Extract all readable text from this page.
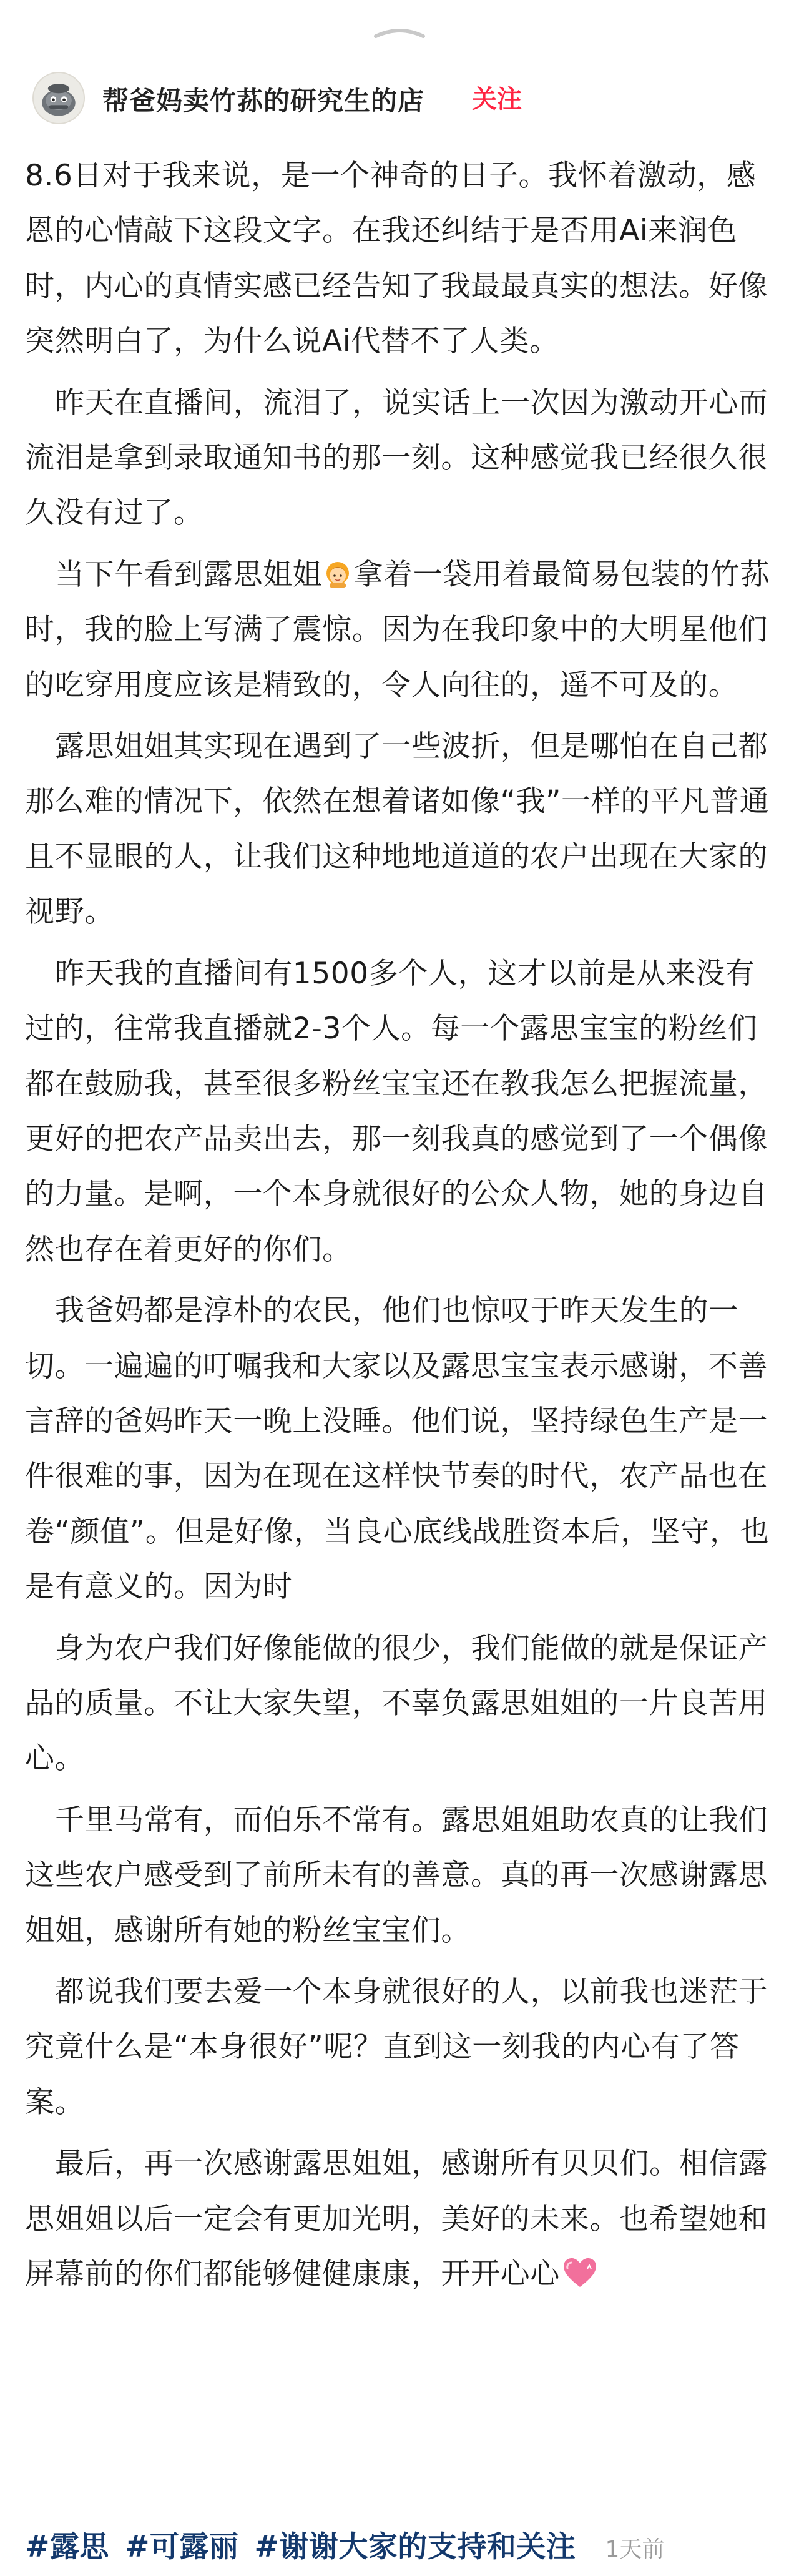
帮爸妈卖竹荪的研究生的店 关注

8.6日对于我来说，是一个神奇的日子。我怀着激动，感恩的心情敲下这段文字。在我还纠结于是否用Ai来润色时，内心的真情实感已经告知了我最最真实的想法。好像突然明白了，为什么说Ai代替不了人类。

昨天在直播间，流泪了，说实话上一次因为激动开心而流泪是拿到录取通知书的那一刻。这种感觉我已经很久很久没有过了。

当下午看到露思姐姐 拿着一袋用着最简易包装的竹荪时，我的脸上写满了震惊。因为在我印象中的大明星他们的吃穿用度应该是精致的，令人向往的，遥不可及的。

露思姐姐其实现在遇到了一些波折，但是哪怕在自己都那么难的情况下，依然在想着诸如像“我”一样的平凡普通且不显眼的人，让我们这种地地道道的农户出现在大家的视野。

昨天我的直播间有1500多个人，这才以前是从来没有过的，往常我直播就2-3个人。每一个露思宝宝的粉丝们都在鼓励我，甚至很多粉丝宝宝还在教我怎么把握流量，更好的把农产品卖出去，那一刻我真的感觉到了一个偶像的力量。是啊，一个本身就很好的公众人物，她的身边自然也存在着更好的你们。

我爸妈都是淳朴的农民，他们也惊叹于昨天发生的一切。一遍遍的叮嘱我和大家以及露思宝宝表示感谢，不善言辞的爸妈昨天一晚上没睡。他们说，坚持绿色生产是一件很难的事，因为在现在这样快节奏的时代，农产品也在卷“颜值”。但是好像，当良心底线战胜资本后，坚守，也是有意义的。因为时

身为农户我们好像能做的很少，我们能做的就是保证产品的质量。不让大家失望，不辜负露思姐姐的一片良苦用心。

千里马常有，而伯乐不常有。露思姐姐助农真的让我们这些农户感受到了前所未有的善意。真的再一次感谢露思姐姐，感谢所有她的粉丝宝宝们。

都说我们要去爱一个本身就很好的人，以前我也迷茫于究竟什么是“本身很好”呢？直到这一刻我的内心有了答案。

最后，再一次感谢露思姐姐，感谢所有贝贝们。相信露思姐姐以后一定会有更加光明，美好的未来。也希望她和屏幕前的你们都能够健健康康，开开心心

#露思 #可露丽 #谢谢大家的支持和关注 1天前
